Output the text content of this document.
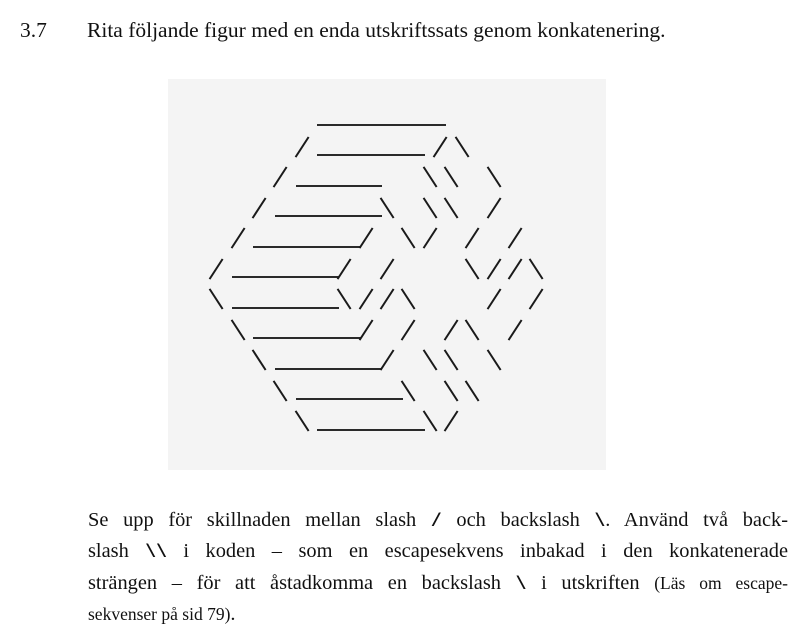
3.7 Rita följande figur med en enda utskriftssats genom konkatenering.
Se upp för skillnaden mellan slash / och backslash \. Använd två back-
slash \\ i koden – som en escapesekvens inbakad i den konkatenerade
strängen – för att åstadkomma en backslash \ i utskriften (Läs om escape-
sekvenser på sid 79).
